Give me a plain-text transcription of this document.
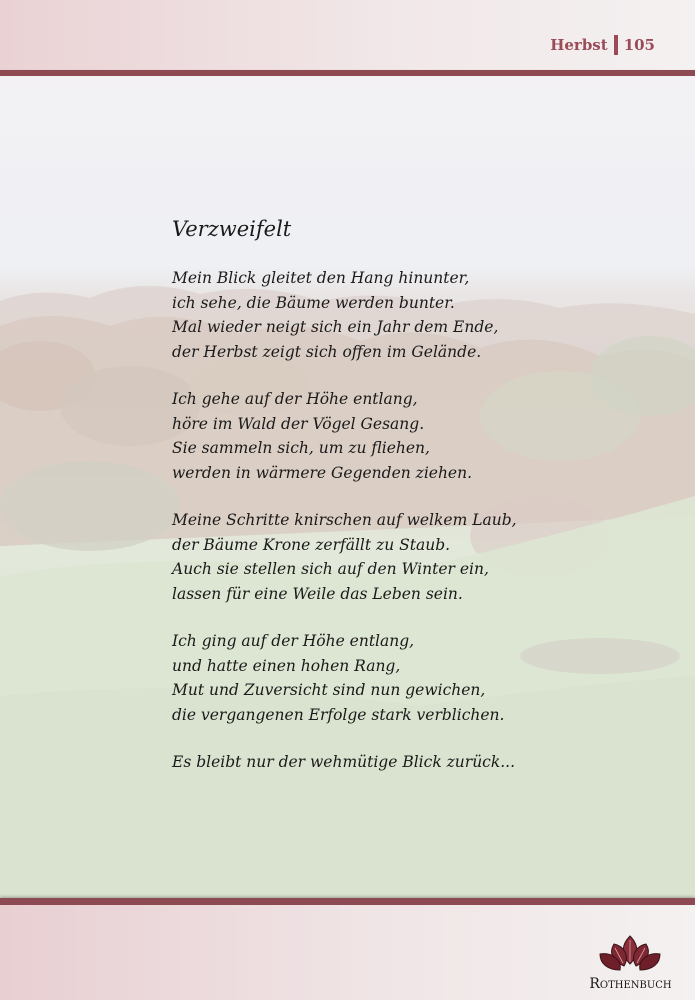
Herbst 105
Verzweifelt
Mein Blick gleitet den Hang hinunter,
ich sehe, die Bäume werden bunter.
Mal wieder neigt sich ein Jahr dem Ende,
der Herbst zeigt sich offen im Gelände.
Ich gehe auf der Höhe entlang,
höre im Wald der Vögel Gesang.
Sie sammeln sich, um zu fliehen,
werden in wärmere Gegenden ziehen.
Meine Schritte knirschen auf welkem Laub,
der Bäume Krone zerfällt zu Staub.
Auch sie stellen sich auf den Winter ein,
lassen für eine Weile das Leben sein.
Ich ging auf der Höhe entlang,
und hatte einen hohen Rang,
Mut und Zuversicht sind nun gewichen,
die vergangenen Erfolge stark verblichen.
Es bleibt nur der wehmütige Blick zurück...
Rothenbuch
